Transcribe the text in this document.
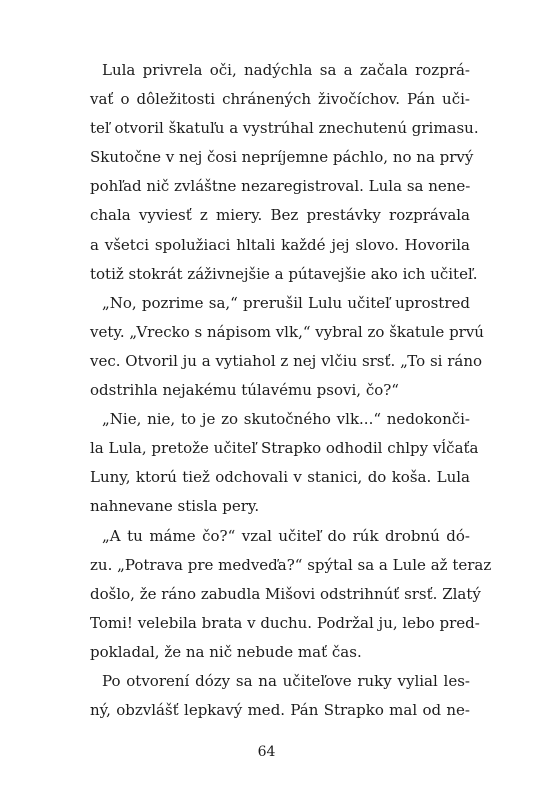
Lula privrela oči, nadýchla sa a začala rozprá-
vať o dôležitosti chránených živočíchov. Pán uči-
teľ otvoril škatuľu a vystrúhal znechutenú grimasu.
Skutočne v nej čosi nepríjemne páchlo, no na prvý
pohľad nič zvláštne nezaregistroval. Lula sa nene-
chala vyviesť z miery. Bez prestávky rozprávala
a všetci spolužiaci hltali každé jej slovo. Hovorila
totiž stokrát záživnejšie a pútavejšie ako ich učiteľ.
„No, pozrime sa,“ prerušil Lulu učiteľ uprostred
vety. „Vrecko s nápisom vlk,“ vybral zo škatule prvú
vec. Otvoril ju a vytiahol z nej vlčiu srsť. „To si ráno
odstrihla nejakému túlavému psovi, čo?“
„Nie, nie, to je zo skutočného vlk...“ nedokonči-
la Lula, pretože učiteľ Strapko odhodil chlpy vĺčaťa
Luny, ktorú tiež odchovali v stanici, do koša. Lula
nahnevane stisla pery.
„A tu máme čo?“ vzal učiteľ do rúk drobnú dó-
zu. „Potrava pre medveďa?“ spýtal sa a Lule až teraz
došlo, že ráno zabudla Mišovi odstrihnúť srsť. Zlatý
Tomi! velebila brata v duchu. Podržal ju, lebo pred-
pokladal, že na nič nebude mať čas.
Po otvorení dózy sa na učiteľove ruky vylial les-
ný, obzvlášť lepkavý med. Pán Strapko mal od ne-
64
